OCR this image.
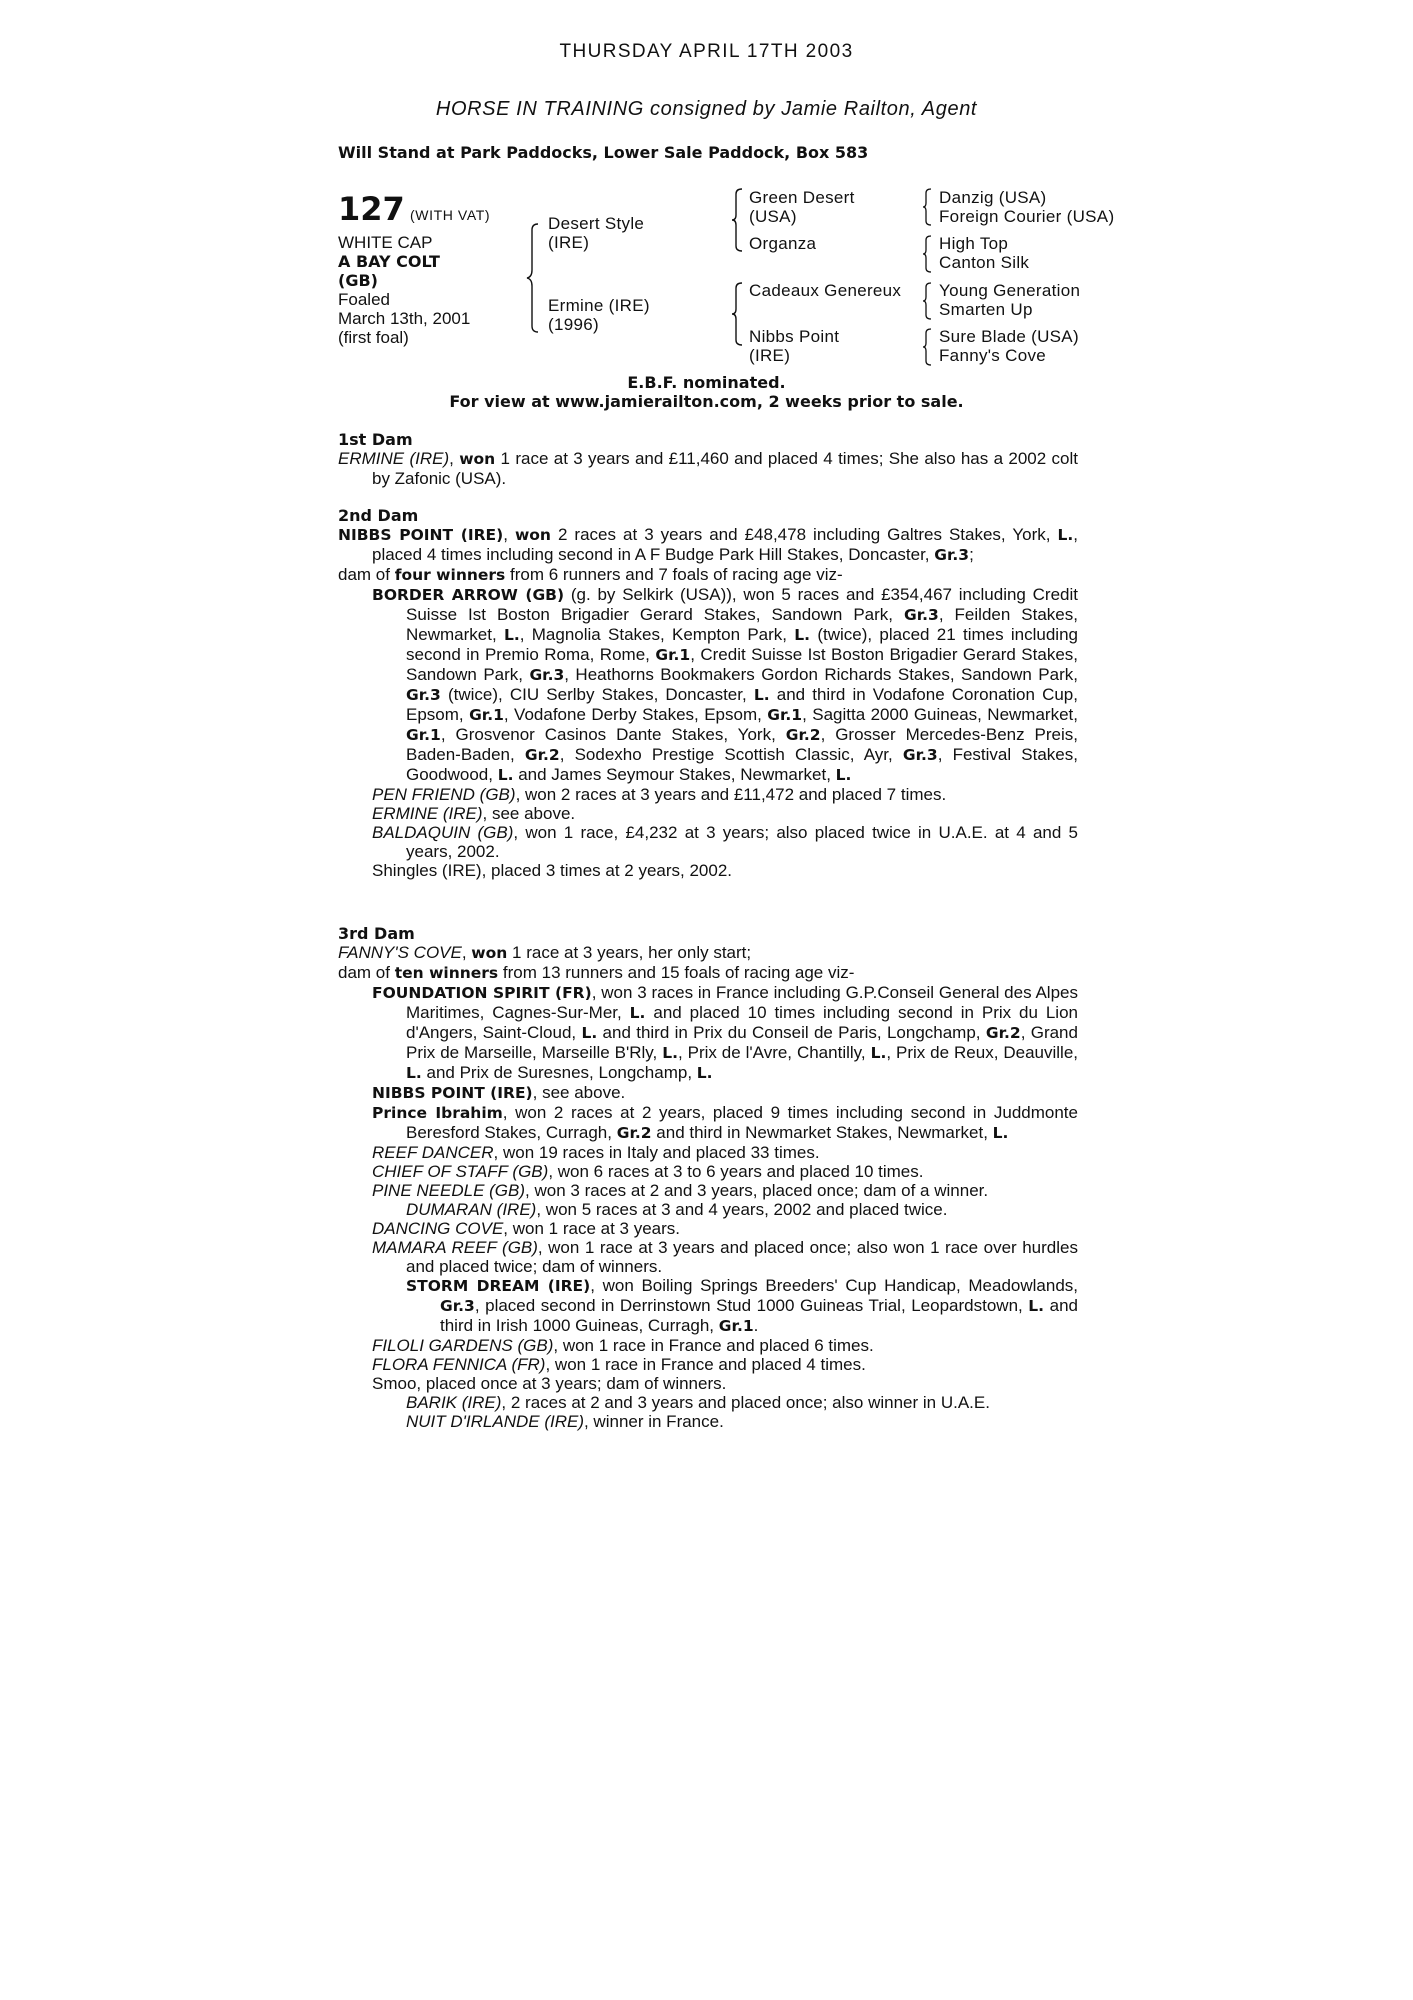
THURSDAY APRIL 17TH 2003
HORSE IN TRAINING consigned by Jamie Railton, Agent
Will Stand at Park Paddocks, Lower Sale Paddock, Box 583
127 (WITH VAT)
WHITE CAP
A BAY COLT
(GB)
Foaled
March 13th, 2001
(first foal)
Desert Style
(IRE)
Ermine (IRE)
(1996)
Green Desert
(USA)
Organza
Cadeaux Genereux
Nibbs Point
(IRE)
Danzig (USA)
Foreign Courier (USA)
High Top
Canton Silk
Young Generation
Smarten Up
Sure Blade (USA)
Fanny's Cove
E.B.F. nominated.
For view at www.jamierailton.com, 2 weeks prior to sale.
1st Dam
ERMINE (IRE), won 1 race at 3 years and £11,460 and placed 4 times; She also has a 2002 colt by Zafonic (USA).
2nd Dam
NIBBS POINT (IRE), won 2 races at 3 years and £48,478 including Galtres Stakes, York, L., placed 4 times including second in A F Budge Park Hill Stakes, Doncaster, Gr.3;
dam of four winners from 6 runners and 7 foals of racing age viz-
BORDER ARROW (GB) (g. by Selkirk (USA)), won 5 races and £354,467 including Credit Suisse Ist Boston Brigadier Gerard Stakes, Sandown Park, Gr.3, Feilden Stakes, Newmarket, L., Magnolia Stakes, Kempton Park, L. (twice), placed 21 times including second in Premio Roma, Rome, Gr.1, Credit Suisse Ist Boston Brigadier Gerard Stakes, Sandown Park, Gr.3, Heathorns Bookmakers Gordon Richards Stakes, Sandown Park, Gr.3 (twice), CIU Serlby Stakes, Doncaster, L. and third in Vodafone Coronation Cup, Epsom, Gr.1, Vodafone Derby Stakes, Epsom, Gr.1, Sagitta 2000 Guineas, Newmarket, Gr.1, Grosvenor Casinos Dante Stakes, York, Gr.2, Grosser Mercedes-Benz Preis, Baden-Baden, Gr.2, Sodexho Prestige Scottish Classic, Ayr, Gr.3, Festival Stakes, Goodwood, L. and James Seymour Stakes, Newmarket, L.
PEN FRIEND (GB), won 2 races at 3 years and £11,472 and placed 7 times.
ERMINE (IRE), see above.
BALDAQUIN (GB), won 1 race, £4,232 at 3 years; also placed twice in U.A.E. at 4 and 5 years, 2002.
Shingles (IRE), placed 3 times at 2 years, 2002.
3rd Dam
FANNY'S COVE, won 1 race at 3 years, her only start;
dam of ten winners from 13 runners and 15 foals of racing age viz-
FOUNDATION SPIRIT (FR), won 3 races in France including G.P.Conseil General des Alpes Maritimes, Cagnes-Sur-Mer, L. and placed 10 times including second in Prix du Lion d'Angers, Saint-Cloud, L. and third in Prix du Conseil de Paris, Longchamp, Gr.2, Grand Prix de Marseille, Marseille B'Rly, L., Prix de l'Avre, Chantilly, L., Prix de Reux, Deauville, L. and Prix de Suresnes, Longchamp, L.
NIBBS POINT (IRE), see above.
Prince Ibrahim, won 2 races at 2 years, placed 9 times including second in Juddmonte Beresford Stakes, Curragh, Gr.2 and third in Newmarket Stakes, Newmarket, L.
REEF DANCER, won 19 races in Italy and placed 33 times.
CHIEF OF STAFF (GB), won 6 races at 3 to 6 years and placed 10 times.
PINE NEEDLE (GB), won 3 races at 2 and 3 years, placed once; dam of a winner.
DUMARAN (IRE), won 5 races at 3 and 4 years, 2002 and placed twice.
DANCING COVE, won 1 race at 3 years.
MAMARA REEF (GB), won 1 race at 3 years and placed once; also won 1 race over hurdles and placed twice; dam of winners.
STORM DREAM (IRE), won Boiling Springs Breeders' Cup Handicap, Meadowlands, Gr.3, placed second in Derrinstown Stud 1000 Guineas Trial, Leopardstown, L. and third in Irish 1000 Guineas, Curragh, Gr.1.
FILOLI GARDENS (GB), won 1 race in France and placed 6 times.
FLORA FENNICA (FR), won 1 race in France and placed 4 times.
Smoo, placed once at 3 years; dam of winners.
BARIK (IRE), 2 races at 2 and 3 years and placed once; also winner in U.A.E.
NUIT D'IRLANDE (IRE), winner in France.
